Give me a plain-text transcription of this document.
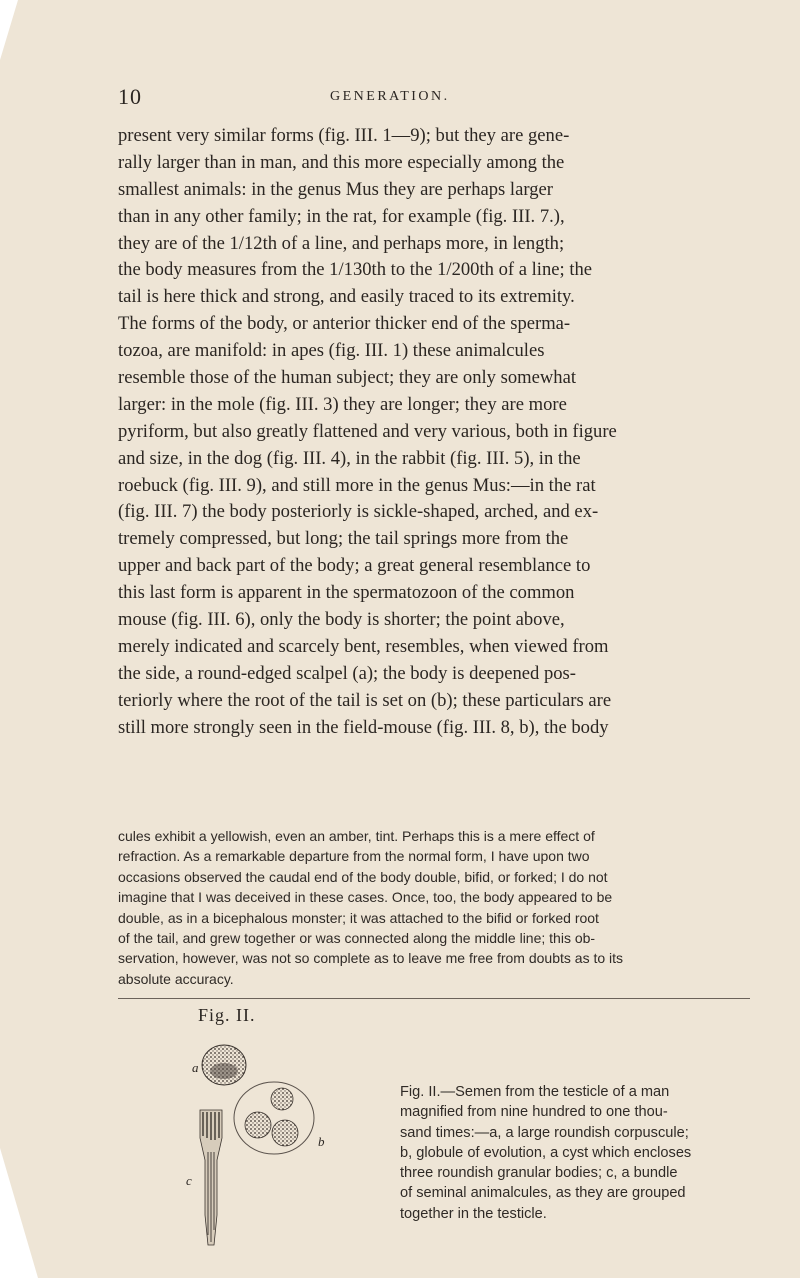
10	GENERATION.
present very similar forms (fig. III. 1—9); but they are gene-
rally larger than in man, and this more especially among the
smallest animals: in the genus Mus they are perhaps larger
than in any other family; in the rat, for example (fig. III. 7.),
they are of the 1/12th of a line, and perhaps more, in length;
the body measures from the 1/130th to the 1/200th of a line; the
tail is here thick and strong, and easily traced to its extremity.
The forms of the body, or anterior thicker end of the sperma-
tozoa, are manifold: in apes (fig. III. 1) these animalcules
resemble those of the human subject; they are only somewhat
larger: in the mole (fig. III. 3) they are longer; they are more
pyriform, but also greatly flattened and very various, both in figure
and size, in the dog (fig. III. 4), in the rabbit (fig. III. 5), in the
roebuck (fig. III. 9), and still more in the genus Mus:—in the rat
(fig. III. 7) the body posteriorly is sickle-shaped, arched, and ex-
tremely compressed, but long; the tail springs more from the
upper and back part of the body; a great general resemblance to
this last form is apparent in the spermatozoon of the common
mouse (fig. III. 6), only the body is shorter; the point above,
merely indicated and scarcely bent, resembles, when viewed from
the side, a round-edged scalpel (a); the body is deepened pos-
teriorly where the root of the tail is set on (b); these particulars are
still more strongly seen in the field-mouse (fig. III. 8, b), the body
cules exhibit a yellowish, even an amber, tint. Perhaps this is a mere effect of
refraction. As a remarkable departure from the normal form, I have upon two
occasions observed the caudal end of the body double, bifid, or forked; I do not
imagine that I was deceived in these cases. Once, too, the body appeared to be
double, as in a bicephalous monster; it was attached to the bifid or forked root
of the tail, and grew together or was connected along the middle line; this ob-
servation, however, was not so complete as to leave me free from doubts as to its
absolute accuracy.
Fig. II.
a
b
c
Fig. II.—Semen from the testicle of a man
magnified from nine hundred to one thou-
sand times:—a, a large roundish corpuscule;
b, globule of evolution, a cyst which encloses
three roundish granular bodies; c, a bundle
of seminal animalcules, as they are grouped
together in the testicle.
